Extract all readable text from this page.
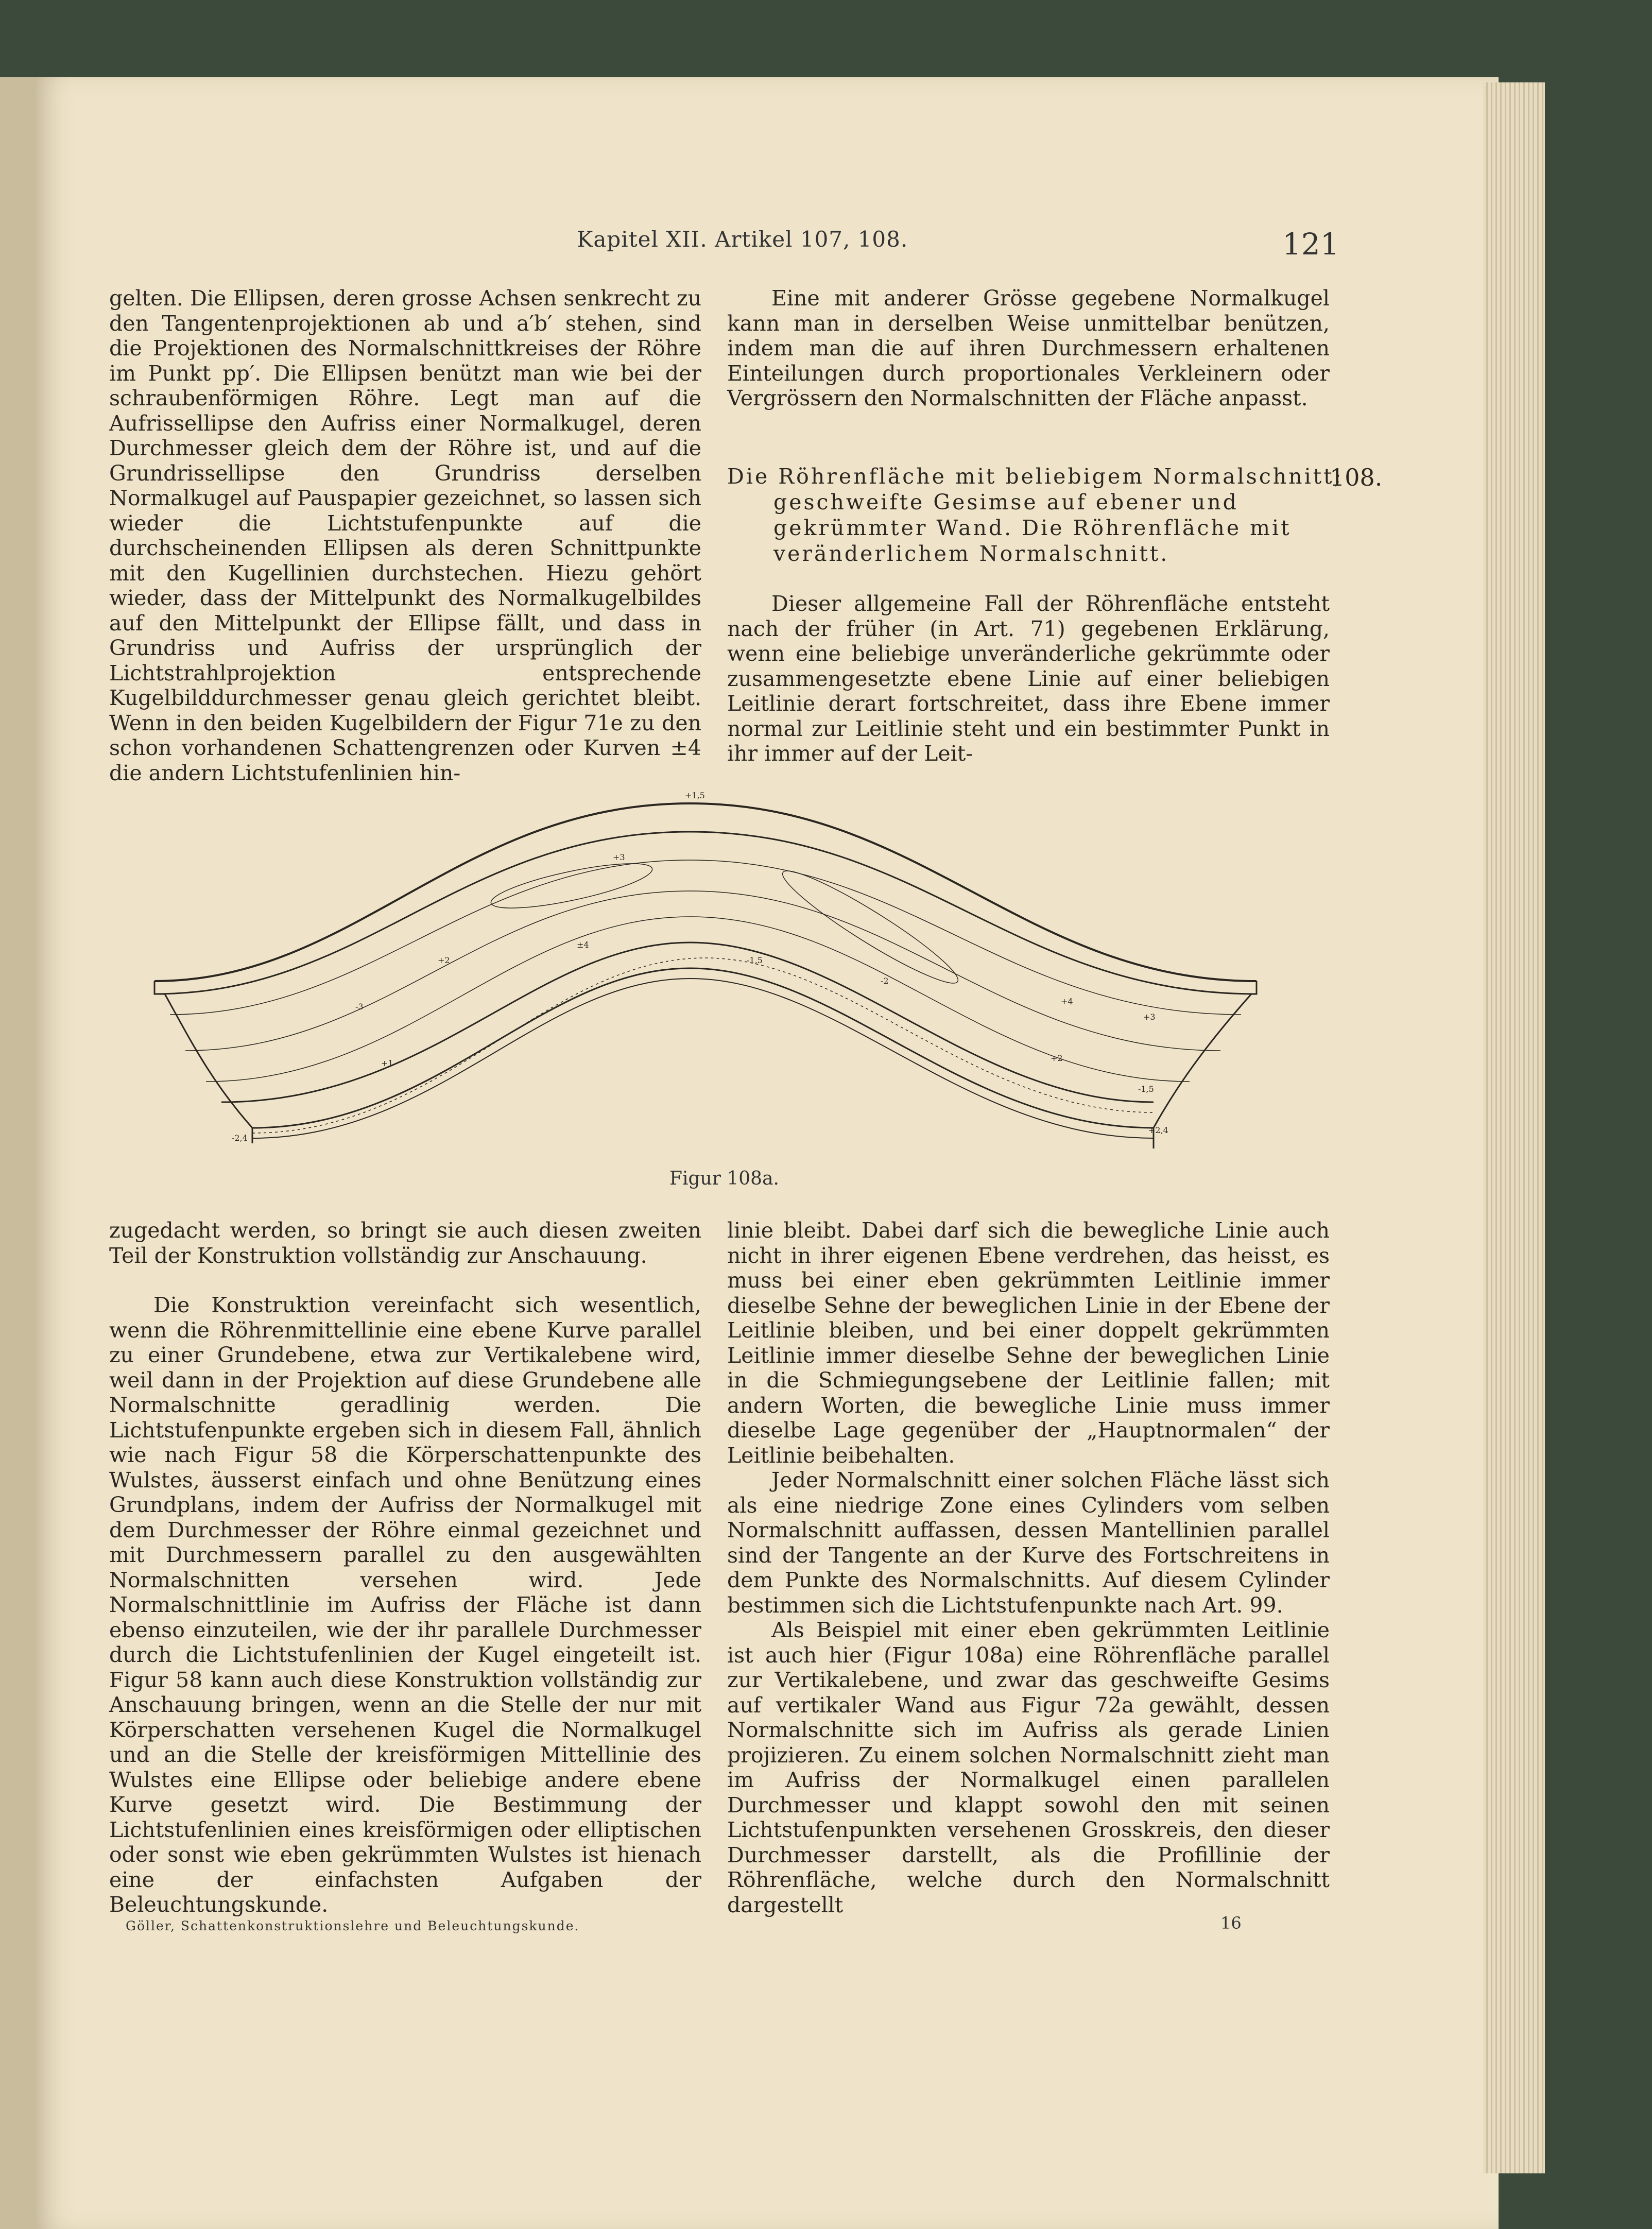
Kapitel XII. Artikel 107, 108.	121

gelten. Die Ellipsen, deren grosse Achsen senkrecht zu den Tangentenprojektionen ab und a′b′ stehen, sind die Projektionen des Normalschnittkreises der Röhre im Punkt pp′. Die Ellipsen benützt man wie bei der schraubenförmigen Röhre. Legt man auf die Aufrissellipse den Aufriss einer Normalkugel, deren Durchmesser gleich dem der Röhre ist, und auf die Grundrissellipse den Grundriss derselben Normalkugel auf Pauspapier gezeichnet, so lassen sich wieder die Lichtstufenpunkte auf die durchscheinenden Ellipsen als deren Schnittpunkte mit den Kugellinien durchstechen. Hiezu gehört wieder, dass der Mittelpunkt des Normalkugelbildes auf den Mittelpunkt der Ellipse fällt, und dass in Grundriss und Aufriss der ursprünglich der Lichtstrahlprojektion entsprechende Kugelbilddurchmesser genau gleich gerichtet bleibt. Wenn in den beiden Kugelbildern der Figur 71e zu den schon vorhandenen Schattengrenzen oder Kurven ±4 die andern Lichtstufenlinien hin-

Eine mit anderer Grösse gegebene Normalkugel kann man in derselben Weise unmittelbar benützen, indem man die auf ihren Durchmessern erhaltenen Einteilungen durch proportionales Verkleinern oder Vergrössern den Normalschnitten der Fläche anpasst.

Die Röhrenfläche mit beliebigem Normalschnitt;
geschweifte Gesimse auf ebener und gekrümmter Wand. Die Röhrenfläche mit veränderlichem Normalschnitt.
108.

Dieser allgemeine Fall der Röhrenfläche entsteht nach der früher (in Art. 71) gegebenen Erklärung, wenn eine beliebige unveränderliche gekrümmte oder zusammengesetzte ebene Linie auf einer beliebigen Leitlinie derart fortschreitet, dass ihre Ebene immer normal zur Leitlinie steht und ein bestimmter Punkt in ihr immer auf der Leit-

+1,5
+3
+2
±4
-1,5
-3
+4
+3
+2
-1,5
+1
-2,4
-2
+2,4
Figur 108a.

zugedacht werden, so bringt sie auch diesen zweiten Teil der Konstruktion vollständig zur Anschauung.

Die Konstruktion vereinfacht sich wesentlich, wenn die Röhrenmittellinie eine ebene Kurve parallel zu einer Grundebene, etwa zur Vertikalebene wird, weil dann in der Projektion auf diese Grundebene alle Normalschnitte geradlinig werden. Die Lichtstufenpunkte ergeben sich in diesem Fall, ähnlich wie nach Figur 58 die Körperschattenpunkte des Wulstes, äusserst einfach und ohne Benützung eines Grundplans, indem der Aufriss der Normalkugel mit dem Durchmesser der Röhre einmal gezeichnet und mit Durchmessern parallel zu den ausgewählten Normalschnitten versehen wird. Jede Normalschnittlinie im Aufriss der Fläche ist dann ebenso einzuteilen, wie der ihr parallele Durchmesser durch die Lichtstufenlinien der Kugel eingeteilt ist. Figur 58 kann auch diese Konstruktion vollständig zur Anschauung bringen, wenn an die Stelle der nur mit Körperschatten versehenen Kugel die Normalkugel und an die Stelle der kreisförmigen Mittellinie des Wulstes eine Ellipse oder beliebige andere ebene Kurve gesetzt wird. Die Bestimmung der Lichtstufenlinien eines kreisförmigen oder elliptischen oder sonst wie eben gekrümmten Wulstes ist hienach eine der einfachsten Aufgaben der Beleuchtungskunde.

linie bleibt. Dabei darf sich die bewegliche Linie auch nicht in ihrer eigenen Ebene verdrehen, das heisst, es muss bei einer eben gekrümmten Leitlinie immer dieselbe Sehne der beweglichen Linie in der Ebene der Leitlinie bleiben, und bei einer doppelt gekrümmten Leitlinie immer dieselbe Sehne der beweglichen Linie in die Schmiegungsebene der Leitlinie fallen; mit andern Worten, die bewegliche Linie muss immer dieselbe Lage gegenüber der „Hauptnormalen“ der Leitlinie beibehalten.

Jeder Normalschnitt einer solchen Fläche lässt sich als eine niedrige Zone eines Cylinders vom selben Normalschnitt auffassen, dessen Mantellinien parallel sind der Tangente an der Kurve des Fortschreitens in dem Punkte des Normalschnitts. Auf diesem Cylinder bestimmen sich die Lichtstufenpunkte nach Art. 99.

Als Beispiel mit einer eben gekrümmten Leitlinie ist auch hier (Figur 108a) eine Röhrenfläche parallel zur Vertikalebene, und zwar das geschweifte Gesims auf vertikaler Wand aus Figur 72a gewählt, dessen Normalschnitte sich im Aufriss als gerade Linien projizieren. Zu einem solchen Normalschnitt zieht man im Aufriss der Normalkugel einen parallelen Durchmesser und klappt sowohl den mit seinen Lichtstufenpunkten versehenen Grosskreis, den dieser Durchmesser darstellt, als die Profillinie der Röhrenfläche, welche durch den Normalschnitt dargestellt

Göller, Schattenkonstruktionslehre und Beleuchtungskunde.	16
